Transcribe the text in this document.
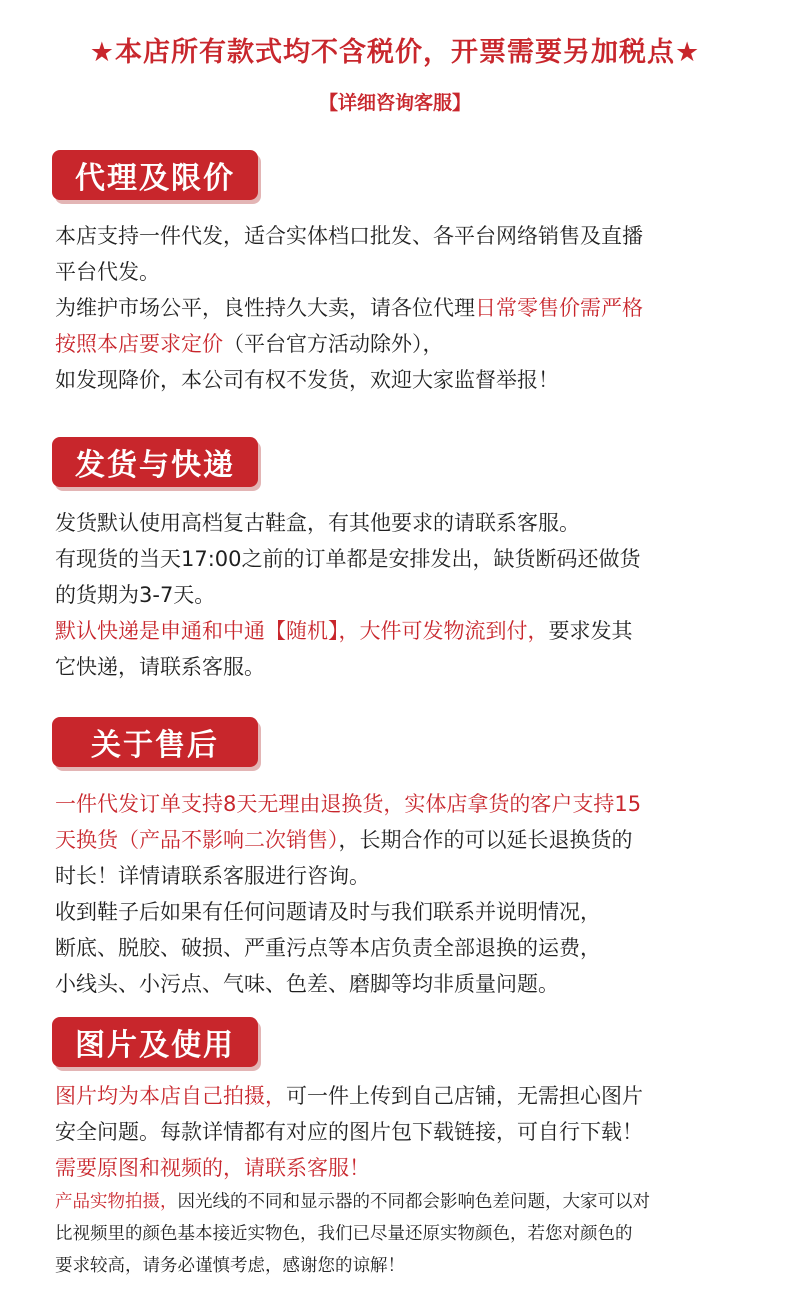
★本店所有款式均不含税价，开票需要另加税点★
【详细咨询客服】
代理及限价

本店支持一件代发，适合实体档口批发、各平台网络销售及直播

平台代发。

为维护市场公平，良性持久大卖，请各位代理日常零售价需严格

按照本店要求定价（平台官方活动除外），

如发现降价，本公司有权不发货，欢迎大家监督举报！

发货与快递

发货默认使用高档复古鞋盒，有其他要求的请联系客服。

有现货的当天17:00之前的订单都是安排发出，缺货断码还做货

的货期为3-7天。

默认快递是申通和中通【随机】，大件可发物流到付，要求发其

它快递，请联系客服。

关于售后

一件代发订单支持8天无理由退换货，实体店拿货的客户支持15

天换货（产品不影响二次销售），长期合作的可以延长退换货的

时长！详情请联系客服进行咨询。

收到鞋子后如果有任何问题请及时与我们联系并说明情况，

断底、脱胶、破损、严重污点等本店负责全部退换的运费，

小线头、小污点、气味、色差、磨脚等均非质量问题。

图片及使用

图片均为本店自己拍摄，可一件上传到自己店铺，无需担心图片

安全问题。每款详情都有对应的图片包下载链接，可自行下载！

需要原图和视频的，请联系客服！

产品实物拍摄，因光线的不同和显示器的不同都会影响色差问题，大家可以对

比视频里的颜色基本接近实物色，我们已尽量还原实物颜色，若您对颜色的

要求较高，请务必谨慎考虑，感谢您的谅解！
